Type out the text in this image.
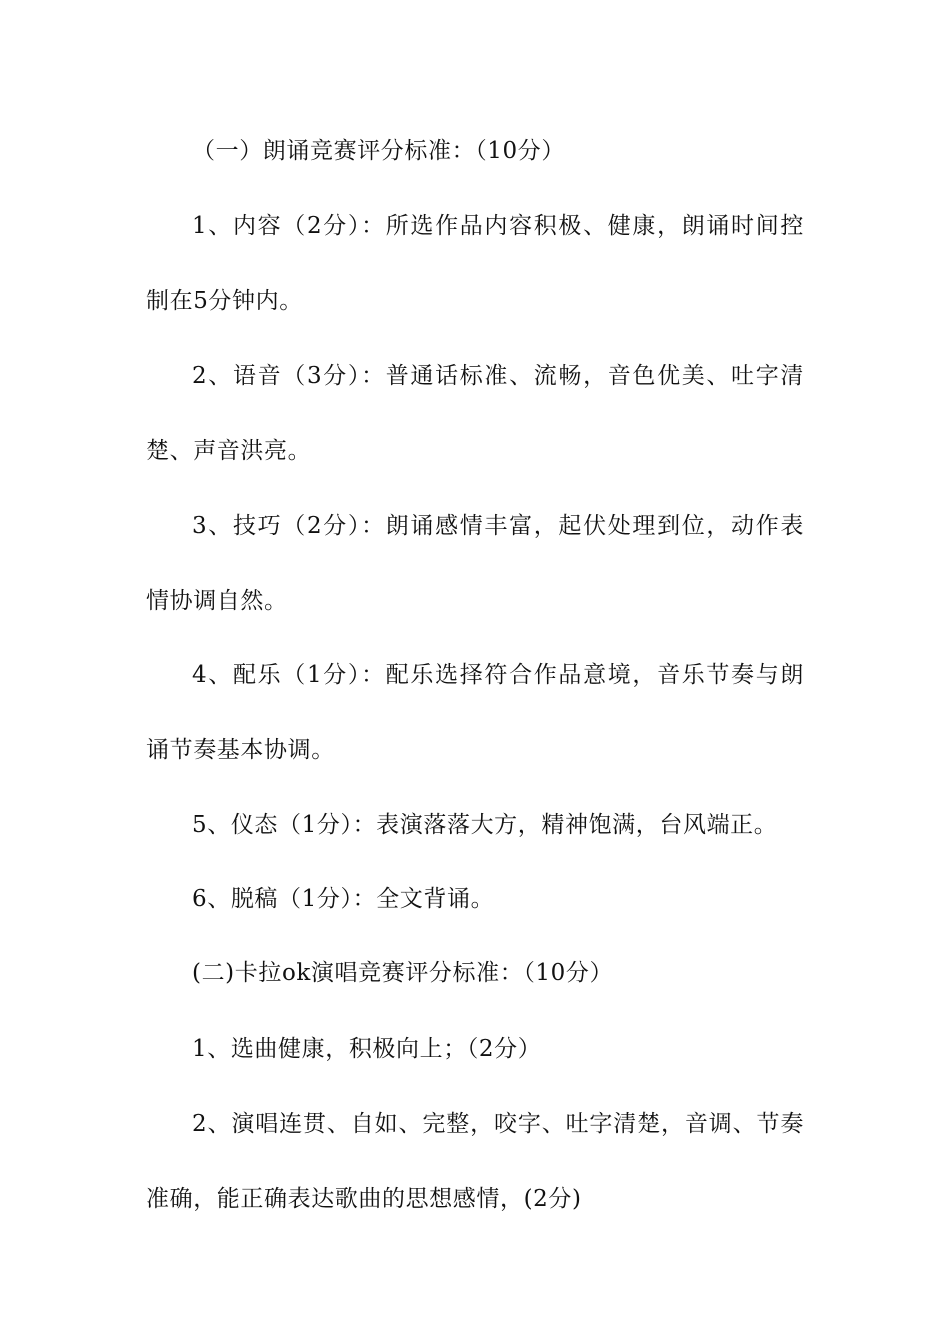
（一）朗诵竞赛评分标准：（10分）
1、内容（2分）：所选作品内容积极、健康，朗诵时间控
制在5分钟内。
2、语音（3分）：普通话标准、流畅，音色优美、吐字清
楚、声音洪亮。
3、技巧（2分）：朗诵感情丰富，起伏处理到位，动作表
情协调自然。
4、配乐（1分）：配乐选择符合作品意境，音乐节奏与朗
诵节奏基本协调。
5、仪态（1分）：表演落落大方，精神饱满，台风端正。
6、脱稿（1分）：全文背诵。
(二)卡拉ok演唱竞赛评分标准：（10分）
1、选曲健康，积极向上；（2分）
2、演唱连贯、自如、完整，咬字、吐字清楚，音调、节奏
准确，能正确表达歌曲的思想感情，(2分)
